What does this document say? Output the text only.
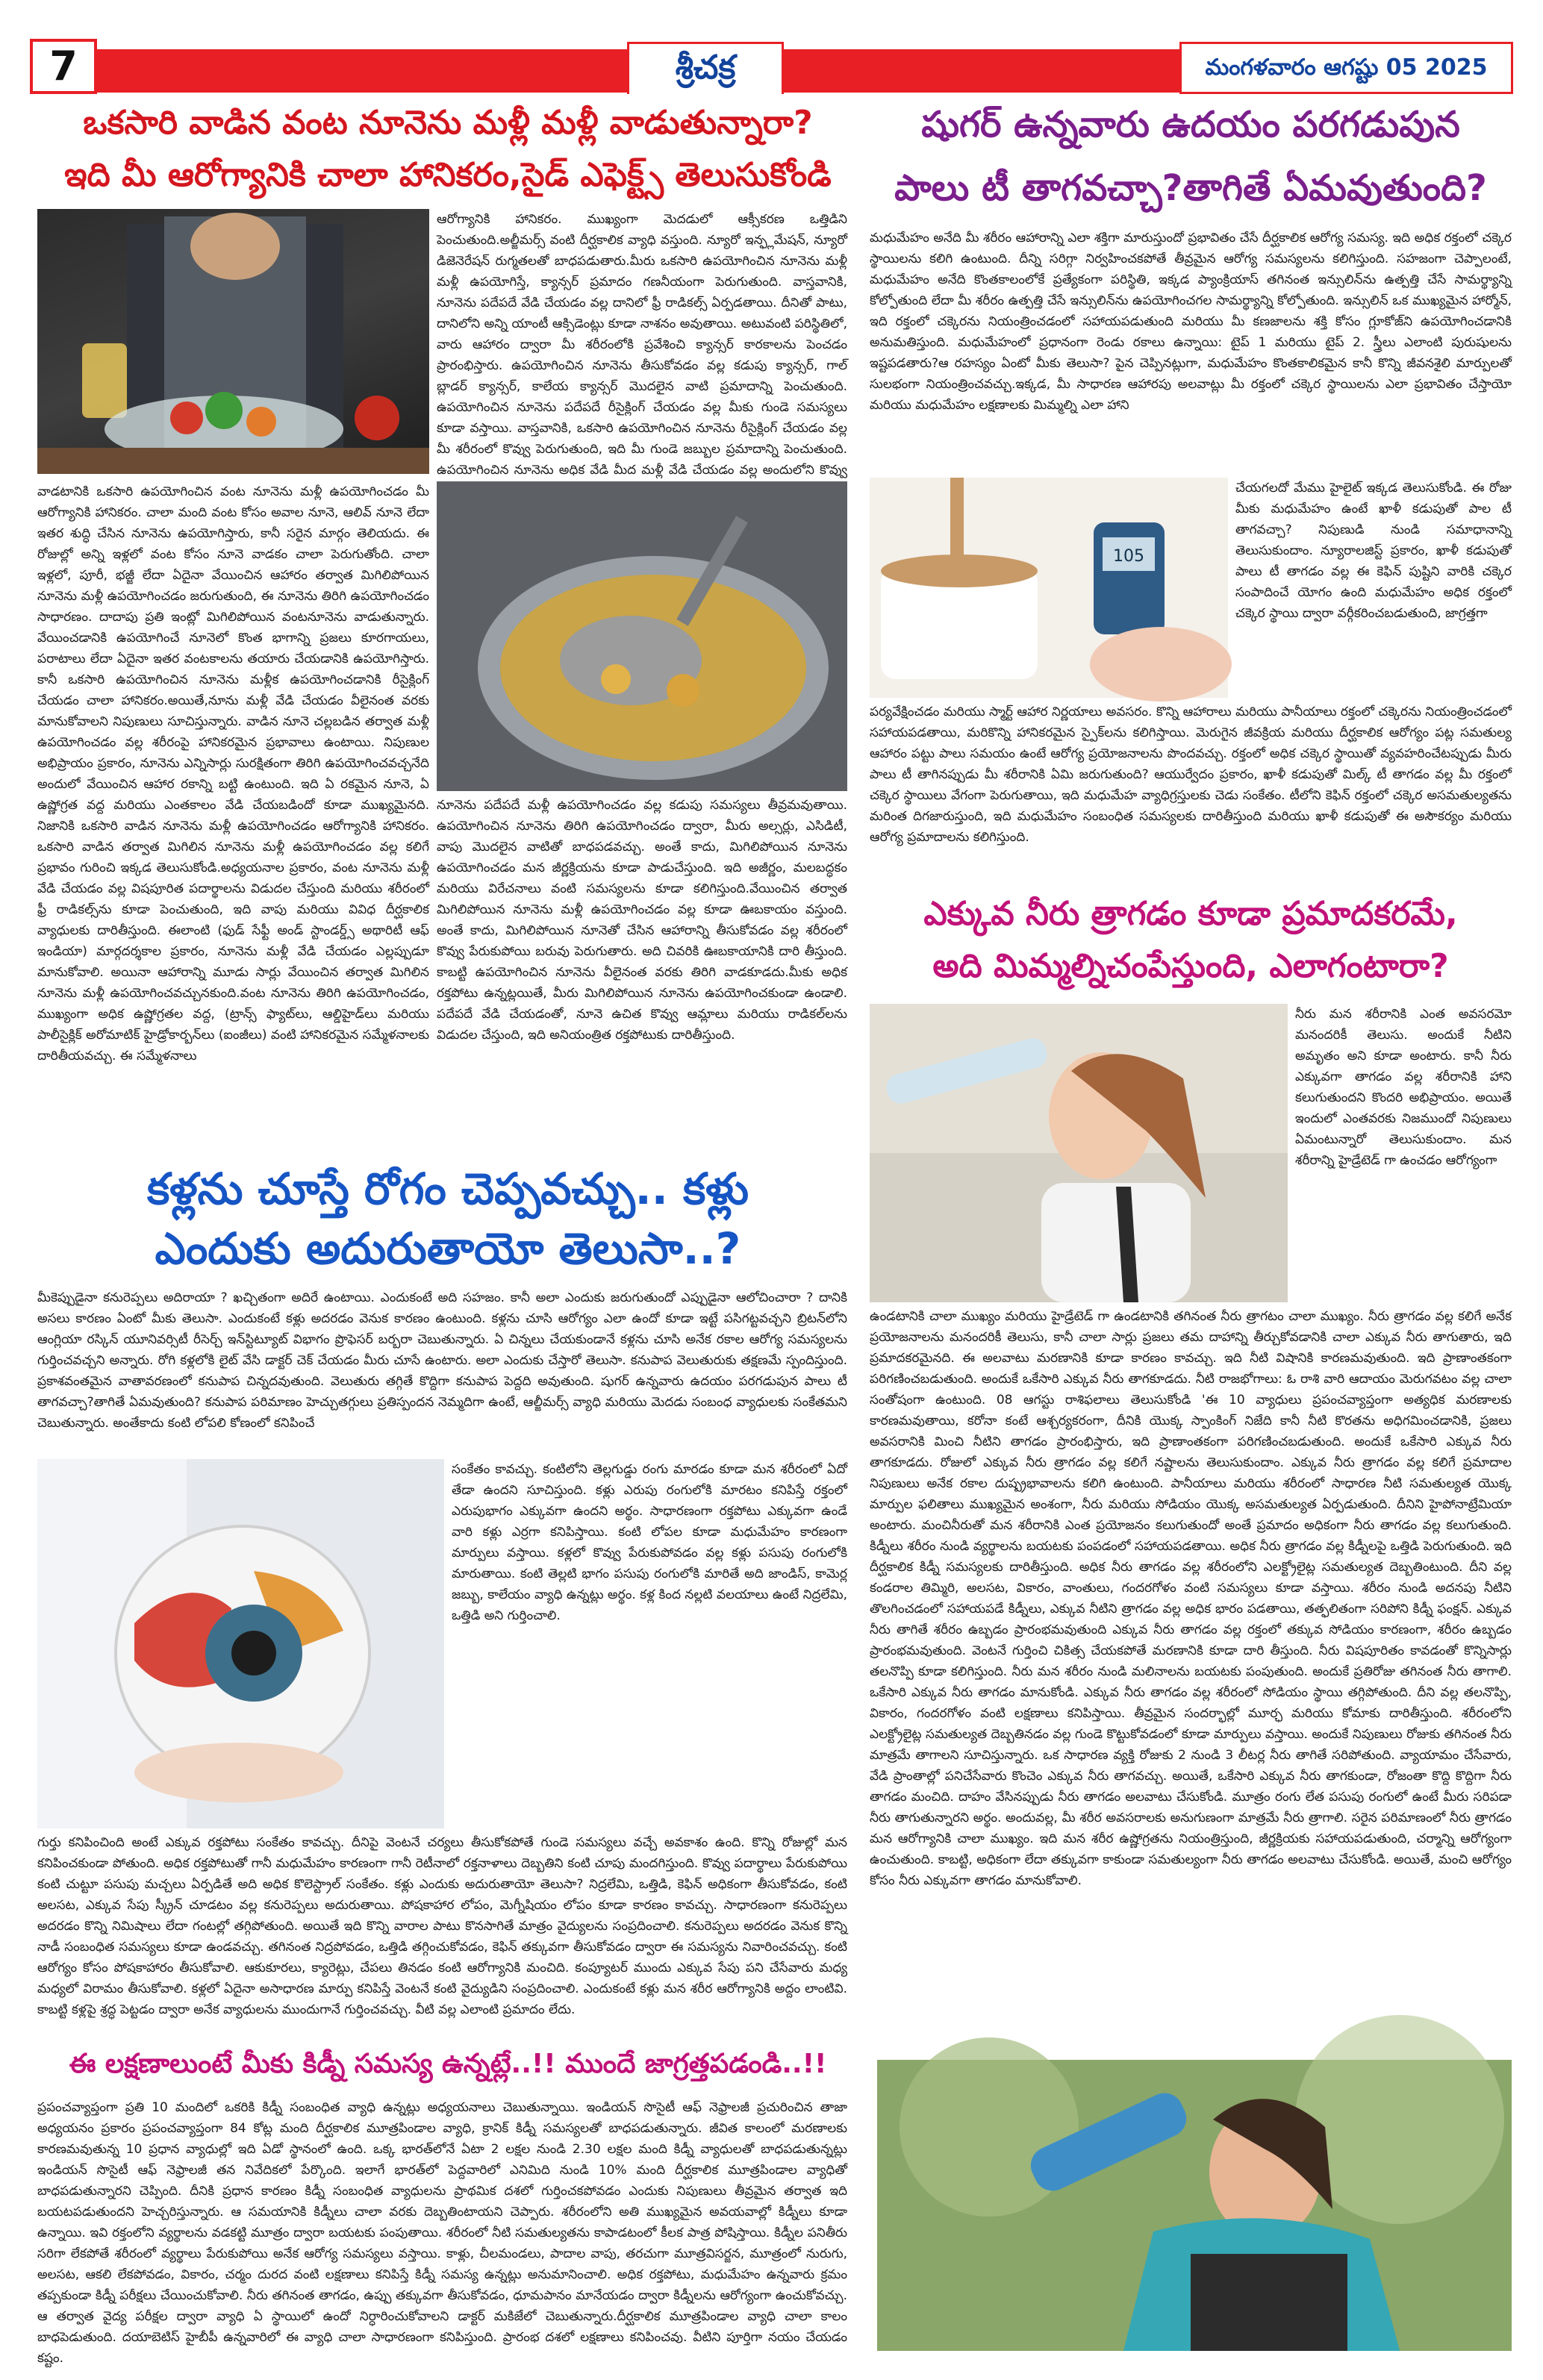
7	శ్రీచక్ర	మంగళవారం ఆగష్టు 05 2025
ఒకసారి వాడిన వంట నూనెను మళ్లీ మళ్లీ వాడుతున్నారా?
ఇది మీ ఆరోగ్యానికి చాలా హానికరం,సైడ్ ఎఫెక్ట్స్ తెలుసుకోండి
ఆరోగ్యానికి హానికరం. ముఖ్యంగా మెదడులో ఆక్సీకరణ ఒత్తిడిని పెంచుతుంది.అల్జీమర్స్ వంటి దీర్ఘకాలిక వ్యాధి వస్తుంది. న్యూరో ఇన్ఫ్లమేషన్, న్యూరో డిజెనెరేషన్ రుగ్మతలతో బాధపడుతారు.మీరు ఒకసారి ఉపయోగించిన నూనెను మళ్లీ మళ్లీ ఉపయోగిస్తే, క్యాన్సర్ ప్రమాదం గణనీయంగా పెరుగుతుంది. వాస్తవానికి, నూనెను పదేపదే వేడి చేయడం వల్ల దానిలో ఫ్రీ రాడికల్స్ ఏర్పడతాయి. దీనితో పాటు, దానిలోని అన్ని యాంటీ ఆక్సిడెంట్లు కూడా నాశనం అవుతాయి. అటువంటి పరిస్థితిలో, వారు ఆహారం ద్వారా మీ శరీరంలోకి ప్రవేశించి క్యాన్సర్ కారకాలను పెంచడం ప్రారంభిస్తారు. ఉపయోగించిన నూనెను తీసుకోవడం వల్ల కడుపు క్యాన్సర్, గాల్ బ్లాడర్ క్యాన్సర్, కాలేయ క్యాన్సర్ మొదలైన వాటి ప్రమాదాన్ని పెంచుతుంది. ఉపయోగించిన నూనెను పదేపదే రీసైక్లింగ్ చేయడం వల్ల మీకు గుండె సమస్యలు కూడా వస్తాయి. వాస్తవానికి, ఒకసారి ఉపయోగించిన నూనెను రీసైక్లింగ్ చేయడం వల్ల మీ శరీరంలో కొవ్వు పెరుగుతుంది, ఇది మీ గుండె జబ్బుల ప్రమాదాన్ని పెంచుతుంది. ఉపయోగించిన నూనెను అధిక వేడి మీద మళ్లీ వేడి చేయడం వల్ల అందులోని కొవ్వు
వాడటానికి ఒకసారి ఉపయోగించిన వంట నూనెను మళ్లీ ఉపయోగించడం మీ ఆరోగ్యానికి హానికరం. చాలా మంది వంట కోసం అవాల నూనె, ఆలివ్ నూనె లేదా ఇతర శుద్ధి చేసిన నూనెను ఉపయోగిస్తారు, కానీ సరైన మార్గం తెలియదు. ఈ రోజుల్లో అన్ని ఇళ్లలో వంట కోసం నూనె వాడకం చాలా పెరుగుతోంది. చాలా ఇళ్లలో, పూరీ, భజ్జీ లేదా ఏదైనా వేయించిన ఆహారం తర్వాత మిగిలిపోయిన నూనెను మళ్లీ ఉపయోగించడం జరుగుతుంది, ఈ నూనెను తిరిగి ఉపయోగించడం సాధారణం. దాదాపు ప్రతి ఇంట్లో మిగిలిపోయిన వంటనూనెను వాడుతున్నారు. వేయించడానికి ఉపయోగించే నూనెలో కొంత భాగాన్ని ప్రజలు కూరగాయలు, పరాటాలు లేదా ఏదైనా ఇతర వంటకాలను తయారు చేయడానికి ఉపయోగిస్తారు. కానీ ఒకసారి ఉపయోగించిన నూనెను మళ్లీక ఉపయోగించడానికి రీసైక్లింగ్ చేయడం చాలా హానికరం.అయితే,నూను మళ్లీ వేడి చేయడం వీలైనంత వరకు మానుకోవాలని నిపుణులు సూచిస్తున్నారు. వాడిన నూనె చల్లబడిన తర్వాత మళ్లీ ఉపయోగించడం వల్ల శరీరంపై హానికరమైన ప్రభావాలు ఉంటాయి. నిపుణుల అభిప్రాయం ప్రకారం, నూనెను ఎన్నిసార్లు సురక్షితంగా తిరిగి ఉపయోగించవచ్చనేది అందులో వేయించిన ఆహార రకాన్ని బట్టి ఉంటుంది. ఇది ఏ రకమైన నూనె, ఏ ఉష్ణోగ్రత వద్ద మరియు ఎంతకాలం వేడి చేయబడిందో కూడా ముఖ్యమైనది. నిజానికి ఒకసారి వాడిన నూనెను మళ్లీ ఉపయోగించడం ఆరోగ్యానికి హానికరం. ఒకసారి వాడిన తర్వాత మిగిలిన నూనెను మళ్లీ ఉపయోగించడం వల్ల కలిగే ప్రభావం గురించి ఇక్కడ తెలుసుకోండి.అధ్యయనాల ప్రకారం, వంట నూనెను మళ్లీ వేడి చేయడం వల్ల విషపూరిత పదార్థాలను విడుదల చేస్తుంది మరియు శరీరంలో ఫ్రీ రాడికల్స్‌ను కూడా పెంచుతుంది, ఇది వాపు మరియు వివిధ దీర్ఘకాలిక వ్యాధులకు దారితీస్తుంది. ఈలాంటి (ఫుడ్ సేఫ్టీ అండ్ స్టాండర్డ్స్ అథారిటీ ఆఫ్ ఇండియా) మార్గదర్శకాల ప్రకారం, నూనెను మళ్లీ వేడి చేయడం ఎల్లప్పుడూ మానుకోవాలి. అయినా ఆహారాన్ని మూడు సార్లు వేయించిన తర్వాత మిగిలిన నూనెను మళ్లీ ఉపయోగించవచ్చునకుంది.వంట నూనెను తిరిగి ఉపయోగించడం, ముఖ్యంగా అధిక ఉష్ణోగ్రతల వద్ద, (ట్రాన్స్ ఫ్యాట్‌లు, ఆల్డిహైడ్‌లు మరియు పాలీసైక్లిక్ అరోమాటిక్ హైడ్రోకార్బన్‌లు (ఐంజీలు) వంటి హానికరమైన సమ్మేళనాలకు దారితీయవచ్చు. ఈ సమ్మేళనాలు
నూనెను పదేపదే మళ్లీ ఉపయోగించడం వల్ల కడుపు సమస్యలు తీవ్రమవుతాయి. ఉపయోగించిన నూనెను తిరిగి ఉపయోగించడం ద్వారా, మీరు అల్సర్లు, ఎసిడిటీ, వాపు మొదలైన వాటితో బాధపడవచ్చు. అంతే కాదు, మిగిలిపోయిన నూనెను ఉపయోగించడం మన జీర్ణక్రియను కూడా పాడుచేస్తుంది. ఇది అజీర్ణం, మలబద్ధకం మరియు విరేచనాలు వంటి సమస్యలను కూడా కలిగిస్తుంది.వేయించిన తర్వాత మిగిలిపోయిన నూనెను మళ్లీ ఉపయోగించడం వల్ల కూడా ఊబకాయం వస్తుంది. అంతే కాదు, మిగిలిపోయిన నూనెతో చేసిన ఆహారాన్ని తీసుకోవడం వల్ల శరీరంలో కొవ్వు పేరుకుపోయి బరువు పెరుగుతారు. అది చివరికి ఊబకాయానికి దారి తీస్తుంది. కాబట్టి ఉపయోగించిన నూనెను వీలైనంత వరకు తిరిగి వాడకూడదు.మీకు అధిక రక్తపోటు ఉన్నట్లయితే, మీరు మిగిలిపోయిన నూనెను ఉపయోగించకుండా ఉండాలి. పదేపదే వేడి చేయడంతో, నూనె ఉచిత కొవ్వు ఆమ్లాలు మరియు రాడికల్‌లను విడుదల చేస్తుంది, ఇది అనియంత్రిత రక్తపోటుకు దారితీస్తుంది.
కళ్లను చూస్తే రోగం చెప్పవచ్చు.. కళ్లు
ఎందుకు అదురుతాయో తెలుసా..?
మీకెప్పుడైనా కనురెప్పలు అదిరాయా ? ఖచ్చితంగా అదిరే ఉంటాయి. ఎందుకంటే అది సహజం. కానీ అలా ఎందుకు జరుగుతుందో ఎప్పుడైనా ఆలోచించారా ? దానికి అసలు కారణం ఏంటో మీకు తెలుసా. ఎందుకంటే కళ్లు అదరడం వెనుక కారణం ఉంటుంది. కళ్లను చూసి ఆరోగ్యం ఎలా ఉందో కూడా ఇట్టే పసిగట్టవచ్చని బ్రిటన్‌లోని ఆంగ్లియా రస్కిన్ యూనివర్సిటీ రీసెర్చ్ ఇన్‌స్టిట్యూట్ విభాగం ప్రొఫెసర్ బర్బరా చెబుతున్నారు. ఏ చిన్నలు చేయకుండానే కళ్లను చూసి అనేక రకాల ఆరోగ్య సమస్యలను గుర్తించవచ్చని అన్నారు. రోగి కళ్లలోకి లైట్ వేసి డాక్టర్ చెక్ చేయడం మీరు చూసే ఉంటారు. అలా ఎందుకు చేస్తారో తెలుసా. కనుపాప వెలుతురుకు తక్షణమే స్పందిస్తుంది. ప్రకాశవంతమైన వాతావరణంలో కనుపాప చిన్నదవుతుంది. వెలుతురు తగ్గితే కొద్దిగా కనుపాప పెద్దది అవుతుంది. షుగర్ ఉన్నవారు ఉదయం పరగడుపున పాలు టీ తాగవచ్చా?తాగితే ఏమవుతుంది? కనుపాప పరిమాణం హెచ్చుతగ్గులు ప్రతిస్పందన నెమ్మదిగా ఉంటే, ఆల్జీమర్స్ వ్యాధి మరియు మెదడు సంబంధ వ్యాధులకు సంకేతమని చెబుతున్నారు. అంతేకాదు కంటి లోపలి కోణంలో కనిపించే
సంకేతం కావచ్చు. కంటిలోని తెల్లగుడ్డు రంగు మారడం కూడా మన శరీరంలో ఏదో తేడా ఉందని సూచిస్తుంది. కళ్లు ఎరుపు రంగులోకి మారటం కనిపిస్తే రక్తంలో ఎరుపుభాగం ఎక్కువగా ఉందని అర్థం. సాధారణంగా రక్తపోటు ఎక్కువగా ఉండే వారి కళ్లు ఎర్రగా కనిపిస్తాయి. కంటి లోపల కూడా మధుమేహం కారణంగా మార్పులు వస్తాయి. కళ్లలో కొవ్వు పేరుకుపోవడం వల్ల కళ్లు పసుపు రంగులోకి మారుతాయి. కంటి తెల్లటి భాగం పసుపు రంగులోకి మారితే అది జాండిస్, కామెర్ల జబ్బు, కాలేయం వ్యాధి ఉన్నట్లు అర్థం. కళ్ల కింద నల్లటి వలయాలు ఉంటే నిద్రలేమి, ఒత్తిడి అని గుర్తించాలి.
గుర్తు కనిపించింది అంటే ఎక్కువ రక్తపోటు సంకేతం కావచ్చు. దీనిపై వెంటనే చర్యలు తీసుకోకపోతే గుండె సమస్యలు వచ్చే అవకాశం ఉంది. కొన్ని రోజుల్లో మన కనిపించకుండా పోతుంది. అధిక రక్తపోటుతో గానీ మధుమేహం కారణంగా గానీ రెటీనాలో రక్తనాళాలు దెబ్బతిని కంటి చూపు మందగిస్తుంది. కొవ్వు పదార్థాలు పేరుకుపోయి కంటి చుట్టూ పసుపు మచ్చలు ఏర్పడితే అది అధిక కొలెస్ట్రాల్ సంకేతం. కళ్లు ఎందుకు అదురుతాయో తెలుసా? నిద్రలేమి, ఒత్తిడి, కెఫిన్ అధికంగా తీసుకోవడం, కంటి అలసట, ఎక్కువ సేపు స్క్రీన్ చూడటం వల్ల కనురెప్పలు అదురుతాయి. పోషకాహార లోపం, మెగ్నీషియం లోపం కూడా కారణం కావచ్చు. సాధారణంగా కనురెప్పలు అదరడం కొన్ని నిమిషాలు లేదా గంటల్లో తగ్గిపోతుంది. అయితే ఇది కొన్ని వారాల పాటు కొనసాగితే మాత్రం వైద్యులను సంప్రదించాలి. కనురెప్పలు అదరడం వెనుక కొన్ని నాడీ సంబంధిత సమస్యలు కూడా ఉండవచ్చు. తగినంత నిద్రపోవడం, ఒత్తిడి తగ్గించుకోవడం, కెఫిన్ తక్కువగా తీసుకోవడం ద్వారా ఈ సమస్యను నివారించవచ్చు. కంటి ఆరోగ్యం కోసం పోషకాహారం తీసుకోవాలి. ఆకుకూరలు, క్యారెట్లు, చేపలు తినడం కంటి ఆరోగ్యానికి మంచిది. కంప్యూటర్ ముందు ఎక్కువ సేపు పని చేసేవారు మధ్య మధ్యలో విరామం తీసుకోవాలి. కళ్లలో ఏదైనా అసాధారణ మార్పు కనిపిస్తే వెంటనే కంటి వైద్యుడిని సంప్రదించాలి. ఎందుకంటే కళ్లు మన శరీర ఆరోగ్యానికి అద్దం లాంటివి. కాబట్టి కళ్లపై శ్రద్ధ పెట్టడం ద్వారా అనేక వ్యాధులను ముందుగానే గుర్తించవచ్చు. వీటి వల్ల ఎలాంటి ప్రమాదం లేదు.
ఈ లక్షణాలుంటే మీకు కిడ్నీ సమస్య ఉన్నట్లే..!! ముందే జాగ్రత్తపడండి..!!
ప్రపంచవ్యాప్తంగా ప్రతి 10 మందిలో ఒకరికి కిడ్నీ సంబంధిత వ్యాధి ఉన్నట్లు అధ్యయనాలు చెబుతున్నాయి. ఇండియన్ సొసైటీ ఆఫ్ నెఫ్రాలజీ ప్రచురించిన తాజా అధ్యయనం ప్రకారం ప్రపంచవ్యాప్తంగా 84 కోట్ల మంది దీర్ఘకాలిక మూత్రపిండాల వ్యాధి, క్రానిక్ కిడ్నీ సమస్యలతో బాధపడుతున్నారు. జీవిత కాలంలో మరణాలకు కారణమవుతున్న 10 ప్రధాన వ్యాధుల్లో ఇది ఏడో స్థానంలో ఉంది. ఒక్క భారత్‌లోనే ఏటా 2 లక్షల నుండి 2.30 లక్షల మంది కిడ్నీ వ్యాధులతో బాధపడుతున్నట్లు ఇండియన్ సొసైటీ ఆఫ్ నెఫ్రాలజీ తన నివేదికలో పేర్కొంది. ఇలాగే భారత్‌లో పెద్దవారిలో ఎనిమిది నుండి 10% మంది దీర్ఘకాలిక మూత్రపిండాల వ్యాధితో బాధపడుతున్నారని చెప్పింది. దీనికి ప్రధాన కారణం కిడ్నీ సంబంధిత వ్యాధులను ప్రాథమిక దశలో గుర్తించకపోవడం ఎందుకు నిపుణులు తీవ్రమైన తర్వాత ఇది బయటపడుతుందని హెచ్చరిస్తున్నారు. ఆ సమయానికి కిడ్నీలు చాలా వరకు దెబ్బతింటాయని చెప్పారు. శరీరంలోని అతి ముఖ్యమైన అవయవాల్లో కిడ్నీలు కూడా ఉన్నాయి. ఇవి రక్తంలోని వ్యర్థాలను వడకట్టి మూత్రం ద్వారా బయటకు పంపుతాయి. శరీరంలో నీటి సమతుల్యతను కాపాడటంలో కీలక పాత్ర పోషిస్తాయి. కిడ్నీల పనితీరు సరిగా లేకపోతే శరీరంలో వ్యర్థాలు పేరుకుపోయి అనేక ఆరోగ్య సమస్యలు వస్తాయి. కాళ్లు, చీలమండలు, పాదాల వాపు, తరచుగా మూత్రవిసర్జన, మూత్రంలో నురుగు, అలసట, ఆకలి లేకపోవడం, వికారం, చర్మం దురద వంటి లక్షణాలు కనిపిస్తే కిడ్నీ సమస్య ఉన్నట్లు అనుమానించాలి. అధిక రక్తపోటు, మధుమేహం ఉన్నవారు క్రమం తప్పకుండా కిడ్నీ పరీక్షలు చేయించుకోవాలి. నీరు తగినంత తాగడం, ఉప్పు తక్కువగా తీసుకోవడం, ధూమపానం మానేయడం ద్వారా కిడ్నీలను ఆరోగ్యంగా ఉంచుకోవచ్చు. ఆ తర్వాత వైద్య పరీక్షల ద్వారా వ్యాధి ఏ స్థాయిలో ఉందో నిర్ధారించుకోవాలని డాక్టర్ మకిజేలో చెబుతున్నారు.దీర్ఘకాలిక మూత్రపిండాల వ్యాధి చాలా కాలం బాధపెడుతుంది. దయాబెటిస్ హైబీపీ ఉన్నవారిలో ఈ వ్యాధి చాలా సాధారణంగా కనిపిస్తుంది. ప్రారంభ దశలో లక్షణాలు కనిపించవు. వీటిని పూర్తిగా నయం చేయడం కష్టం.
షుగర్ ఉన్నవారు ఉదయం పరగడుపున
పాలు టీ తాగవచ్చా?తాగితే ఏమవుతుంది?
మధుమేహం అనేది మీ శరీరం ఆహారాన్ని ఎలా శక్తిగా మారుస్తుందో ప్రభావితం చేసే దీర్ఘకాలిక ఆరోగ్య సమస్య. ఇది అధిక రక్తంలో చక్కెర స్థాయిలను కలిగి ఉంటుంది. దీన్ని సరిగ్గా నిర్వహించకపోతే తీవ్రమైన ఆరోగ్య సమస్యలను కలిగిస్తుంది. సహజంగా చెప్పాలంటే, మధుమేహం అనేది కొంతకాలంలోకే ప్రత్యేకంగా పరిస్థితి, ఇక్కడ ప్యాంక్రియాస్ తగినంత ఇన్సులిన్‌ను ఉత్పత్తి చేసే సామర్థ్యాన్ని కోల్పోతుంది లేదా మీ శరీరం ఉత్పత్తి చేసే ఇన్సులిన్‌ను ఉపయోగించగల సామర్థ్యాన్ని కోల్పోతుంది. ఇన్సులిన్ ఒక ముఖ్యమైన హార్మోన్, ఇది రక్తంలో చక్కెరను నియంత్రించడంలో సహాయపడుతుంది మరియు మీ కణజాలను శక్తి కోసం గ్లూకోజ్‌ని ఉపయోగించడానికి అనుమతిస్తుంది. మధుమేహంలో ప్రధానంగా రెండు రకాలు ఉన్నాయి: టైప్ 1 మరియు టైప్ 2. స్త్రీలు ఎలాంటి పురుషులను ఇష్టపడతారు?ఆ రహస్యం ఏంటో మీకు తెలుసా? పైన చెప్పినట్లుగా, మధుమేహం కొంతకాలికమైన కానీ కొన్ని జీవనశైలి మార్పులతో సులభంగా నియంత్రించవచ్చు.ఇక్కడ, మీ సాధారణ ఆహారపు అలవాట్లు మీ రక్తంలో చక్కెర స్థాయిలను ఎలా ప్రభావితం చేస్తాయో మరియు మధుమేహం లక్షణాలకు మిమ్మల్ని ఎలా హాని
105
చేయగలదో మేము హైలైట్ ఇక్కడ తెలుసుకోండి. ఈ రోజు మీకు మధుమేహం ఉంటే ఖాళీ కడుపుతో పాల టీ తాగవచ్చా? నిపుణుడి నుండి సమాధానాన్ని తెలుసుకుందాం. న్యూరాలజిస్ట్ ప్రకారం, ఖాళీ కడుపుతో పాలు టీ తాగడం వల్ల ఈ కెఫిన్ పుష్టిని వారికి చక్కెర సంపాదించే యోగం ఉంది మధుమేహం అధిక రక్తంలో చక్కెర స్థాయి ద్వారా వర్గీకరించబడుతుంది, జాగ్రత్తగా
పర్యవేక్షించడం మరియు స్మార్ట్ ఆహార నిర్ణయాలు అవసరం. కొన్ని ఆహారాలు మరియు పానీయాలు రక్తంలో చక్కెరను నియంత్రించడంలో సహాయపడతాయి, మరికొన్ని హానికరమైన స్పైక్‌లను కలిగిస్తాయి. మెరుగైన జీవక్రియ మరియు దీర్ఘకాలిక ఆరోగ్యం పట్ల సమతుల్య ఆహారం పట్టు పాలు సమయం ఉంటే ఆరోగ్య ప్రయోజనాలను పొందవచ్చు. రక్తంలో అధిక చక్కెర స్థాయితో వ్యవహరించేటప్పుడు మీరు పాలు టీ తాగినప్పుడు మీ శరీరానికి ఏమి జరుగుతుంది? ఆయుర్వేదం ప్రకారం, ఖాళీ కడుపుతో మిల్క్ టీ తాగడం వల్ల మీ రక్తంలో చక్కెర స్థాయిలు వేగంగా పెరుగుతాయి, ఇది మధుమేహ వ్యాధిగ్రస్తులకు చెడు సంకేతం. టీలోని కెఫిన్ రక్తంలో చక్కెర అసమతుల్యతను మరింత దిగజారుస్తుంది, ఇది మధుమేహం సంబంధిత సమస్యలకు దారితీస్తుంది మరియు ఖాళీ కడుపుతో ఈ అసౌకర్యం మరియు ఆరోగ్య ప్రమాదాలను కలిగిస్తుంది.
ఎక్కువ నీరు త్రాగడం కూడా ప్రమాదకరమే,
అది మిమ్మల్నిచంపేస్తుంది, ఎలాగంటారా?
నీరు మన శరీరానికి ఎంత అవసరమో మనందరికీ తెలుసు. అందుకే నీటిని అమృతం అని కూడా అంటారు. కానీ నీరు ఎక్కువగా తాగడం వల్ల శరీరానికి హాని కలుగుతుందని కొందరి అభిప్రాయం. అయితే ఇందులో ఎంతవరకు నిజముందో నిపుణులు ఏమంటున్నారో తెలుసుకుందాం. మన శరీరాన్ని హైడ్రేటెడ్ గా ఉంచడం ఆరోగ్యంగా
ఉండటానికి చాలా ముఖ్యం మరియు హైడ్రేటెడ్ గా ఉండటానికి తగినంత నీరు త్రాగటం చాలా ముఖ్యం. నీరు త్రాగడం వల్ల కలిగే అనేక ప్రయోజనాలను మనందరికీ తెలుసు, కానీ చాలా సార్లు ప్రజలు తమ దాహాన్ని తీర్చుకోవడానికి చాలా ఎక్కువ నీరు తాగుతారు, ఇది ప్రమాదకరమైనది. ఈ అలవాటు మరణానికి కూడా కారణం కావచ్చు. ఇది నీటి విషానికి కారణమవుతుంది. ఇది ప్రాణాంతకంగా పరిగణించబడుతుంది. అందుకే ఒకేసారి ఎక్కువ నీరు తాగకూడదు. నీటి రాజభోగాలు: ఓ రాశి వారి ఆదాయం మెరుగవటం వల్ల చాలా సంతోషంగా ఉంటుంది. 08 ఆగస్టు రాశిఫలాలు తెలుసుకోండి 'ఈ 10 వ్యాధులు ప్రపంచవ్యాప్తంగా అత్యధిక మరణాలకు కారణమవుతాయి, కరోనా కంటే ఆశ్చర్యకరంగా, దీనికి యొక్క స్పాంకింగ్ నిజేది కానీ నీటి కొరతను అధిగమించడానికి, ప్రజలు అవసరానికి మించి నీటిని తాగడం ప్రారంభిస్తారు, ఇది ప్రాణాంతకంగా పరిగణించబడుతుంది. అందుకే ఒకేసారి ఎక్కువ నీరు తాగకూడదు. రోజులో ఎక్కువ నీరు త్రాగడం వల్ల కలిగే నష్టాలను తెలుసుకుందాం. ఎక్కువ నీరు త్రాగడం వల్ల కలిగే ప్రమాదాల నిపుణులు అనేక రకాల దుష్ప్రభావాలను కలిగి ఉంటుంది. పానీయాలు మరియు శరీరంలో సాధారణ నీటి సమతుల్యత యొక్క మార్పుల ఫలితాలు ముఖ్యమైన అంశంగా, నీరు మరియు సోడియం యొక్క అసమతుల్యత ఏర్పడుతుంది. దీనిని హైపోనాట్రేమియా అంటారు. మంచినీరుతో మన శరీరానికి ఎంత ప్రయోజనం కలుగుతుందో అంతే ప్రమాదం అధికంగా నీరు తాగడం వల్ల కలుగుతుంది. కిడ్నీలు శరీరం నుండి వ్యర్థాలను బయటకు పంపడంలో సహాయపడతాయి. అధిక నీరు త్రాగడం వల్ల కిడ్నీలపై ఒత్తిడి పెరుగుతుంది. ఇది దీర్ఘకాలిక కిడ్నీ సమస్యలకు దారితీస్తుంది. అధిక నీరు తాగడం వల్ల శరీరంలోని ఎలక్ట్రోలైట్ల సమతుల్యత దెబ్బతింటుంది. దీని వల్ల కండరాల తిమ్మిరి, అలసట, వికారం, వాంతులు, గందరగోళం వంటి సమస్యలు కూడా వస్తాయి. శరీరం నుండి అదనపు నీటిని తొలగించడంలో సహాయపడే కిడ్నీలు, ఎక్కువ నీటిని త్రాగడం వల్ల అధిక భారం పడతాయి, తత్ఫలితంగా సరిపోని కిడ్నీ ఫంక్షన్. ఎక్కువ నీరు తాగితే శరీరం ఉబ్బడం ప్రారంభమవుతుంది ఎక్కువ నీరు తాగడం వల్ల రక్తంలో తక్కువ సోడియం కారణంగా, శరీరం ఉబ్బడం ప్రారంభమవుతుంది. వెంటనే గుర్తించి చికిత్స చేయకపోతే మరణానికి కూడా దారి తీస్తుంది. నీరు విషపూరితం కావడంతో కొన్నిసార్లు తలనొప్పి కూడా కలిగిస్తుంది. నీరు మన శరీరం నుండి మలినాలను బయటకు పంపుతుంది. అందుకే ప్రతిరోజు తగినంత నీరు తాగాలి. ఒకేసారి ఎక్కువ నీరు తాగడం మానుకోండి. ఎక్కువ నీరు తాగడం వల్ల శరీరంలో సోడియం స్థాయి తగ్గిపోతుంది. దీని వల్ల తలనొప్పి, వికారం, గందరగోళం వంటి లక్షణాలు కనిపిస్తాయి. తీవ్రమైన సందర్భాల్లో మూర్ఛ మరియు కోమాకు దారితీస్తుంది. శరీరంలోని ఎలక్ట్రోలైట్ల సమతుల్యత దెబ్బతినడం వల్ల గుండె కొట్టుకోవడంలో కూడా మార్పులు వస్తాయి. అందుకే నిపుణులు రోజుకు తగినంత నీరు మాత్రమే తాగాలని సూచిస్తున్నారు. ఒక సాధారణ వ్యక్తి రోజుకు 2 నుండి 3 లీటర్ల నీరు తాగితే సరిపోతుంది. వ్యాయామం చేసేవారు, వేడి ప్రాంతాల్లో పనిచేసేవారు కొంచెం ఎక్కువ నీరు తాగవచ్చు. అయితే, ఒకేసారి ఎక్కువ నీరు తాగకుండా, రోజంతా కొద్ది కొద్దిగా నీరు తాగడం మంచిది. దాహం వేసినప్పుడు నీరు తాగడం అలవాటు చేసుకోండి. మూత్రం రంగు లేత పసుపు రంగులో ఉంటే మీరు సరిపడా నీరు తాగుతున్నారని అర్థం. అందువల్ల, మీ శరీర అవసరాలకు అనుగుణంగా మాత్రమే నీరు త్రాగాలి. సరైన పరిమాణంలో నీరు త్రాగడం మన ఆరోగ్యానికి చాలా ముఖ్యం. ఇది మన శరీర ఉష్ణోగ్రతను నియంత్రిస్తుంది, జీర్ణక్రియకు సహాయపడుతుంది, చర్మాన్ని ఆరోగ్యంగా ఉంచుతుంది. కాబట్టి, అధికంగా లేదా తక్కువగా కాకుండా సమతుల్యంగా నీరు తాగడం అలవాటు చేసుకోండి. అయితే, మంచి ఆరోగ్యం కోసం నీరు ఎక్కువగా తాగడం మానుకోవాలి.
